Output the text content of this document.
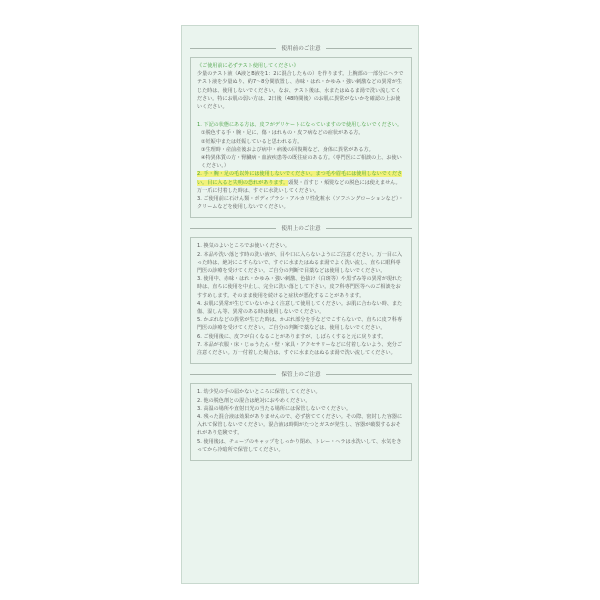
使用前のご注意

《ご使用前に必ずテスト使用してください》

少量のテスト液（A液とB液を1：2に混合したもの）を作ります。上腕部の一部分にヘラでテスト液を少量ぬり、約7～8分間放置し、赤味・はれ・かゆみ・強い刺激などの異常が生じた時は、使用しないでください。なお、テスト後は、水またはぬるま湯で洗い流してください。特にお肌の弱い方は、2日後（48時間後）のお肌に異常がないかを確認の上お使いください。

1. 下記の状態にある方は、皮フがデリケートになっていますので使用しないでください。

①脱色する手・腕・足に、傷・はれもの・皮フ病などの症状がある方。

②妊娠中または妊娠していると思われる方。

③生理時・産前産後および病中・病後の回復期など、身体に異常がある方。

④特異体質の方・腎臓病・血液疾患等の既往症のある方。（専門医にご相談の上、お使いください。）

2. 手・腕・足の毛以外には使用しないでください。まつ毛や眉毛には使用しないでください。目に入ると失明の恐れがあります。頭髪・首すじ・頬髪などの脱色には使えません。万一爪に付着した時は、すぐに水洗いしてください。

3. ご使用前に石けん類・ボディブラシ・アルカリ性化粧水（ソフニングローションなど）・クリームなどを使用しないでください。

使用上のご注意

1. 換気のよいところでお使いください。

2. 本品や洗い落とす時の洗い液が、目や口に入らないようにご注意ください。万一目に入った時は、絶対にこすらないで、すぐに水またはぬるま湯でよく洗い流し、直ちに眼科専門医の診療を受けてください。ご自分の判断で目薬などは使用しないでください。

3. 使用中、赤味・はれ・かゆみ・強い刺激、色抜け（白斑等）や黒ずみ等の異常が現れた時は、直ちに使用を中止し、完全に洗い落として下さい。皮フ科専門医等へのご相談をおすすめします。そのまま使用を続けると症状が悪化することがあります。

4. お肌に異常が生じていないかよく注意して使用してください。お肌に合わない時、また傷、湿しん等、異常のある時は使用しないでください。

5. かぶれなどの異常が生じた時は、かぶれ部分を手などでこすらないで、直ちに皮フ科専門医の診療を受けてください。ご自分の判断で薬などは、使用しないでください。

6. ご使用後に、皮フが白くなることがありますが、しばらくすると元に戻ります。

7. 本品が衣服・床・じゅうたん・壁・家具・アクセサリーなどに付着しないよう、充分ご注意ください。万一付着した場合は、すぐに水またはぬるま湯で洗い流してください。

保管上のご注意

1. 幼少児の手の届かないところに保管してください。

2. 他の脱色剤との混合は絶対におやめください。

3. 高温の場所や直射日光の当たる場所には保管しないでください。

4. 残った混合液は効果がありませんので、必ず捨ててください。その際、密封した容器に入れて保管しないでください。混合液は時間がたつとガスが発生し、容器が破裂するおそれがあり危険です。

5. 使用後は、チューブのキャップをしっかり閉め、トレー・ヘラは水洗いして、水気をきってから冷暗所で保管してください。
